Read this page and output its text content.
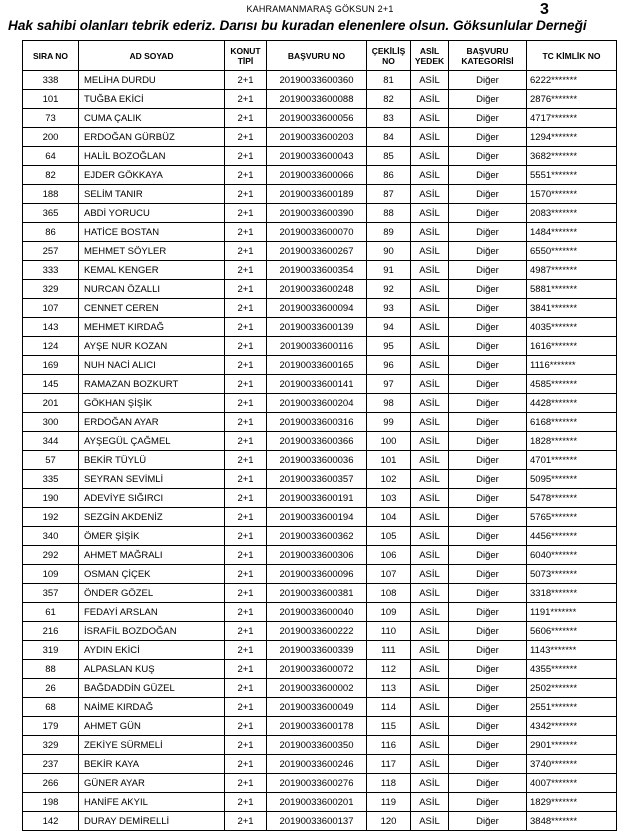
KAHRAMANMARAŞ GÖKSUN 2+1	3
Hak sahibi olanları tebrik ederiz. Darısı bu kuradan elenenlere olsun. Göksunlular Derneği
SIRA NO	AD SOYAD	KONUT TİPİ	BAŞVURU NO	ÇEKİLİŞ NO	ASİL YEDEK	BAŞVURU KATEGORİSİ	TC KİMLİK NO
338	MELİHA DURDU	2+1	20190033600360	81	ASİL	Diğer	6222*******
101	TUĞBA EKİCİ	2+1	20190033600088	82	ASİL	Diğer	2876*******
73	CUMA ÇALIK	2+1	20190033600056	83	ASİL	Diğer	4717*******
200	ERDOĞAN GÜRBÜZ	2+1	20190033600203	84	ASİL	Diğer	1294*******
64	HALİL BOZOĞLAN	2+1	20190033600043	85	ASİL	Diğer	3682*******
82	EJDER GÖKKAYA	2+1	20190033600066	86	ASİL	Diğer	5551*******
188	SELİM TANIR	2+1	20190033600189	87	ASİL	Diğer	1570*******
365	ABDİ YORUCU	2+1	20190033600390	88	ASİL	Diğer	2083*******
86	HATİCE BOSTAN	2+1	20190033600070	89	ASİL	Diğer	1484*******
257	MEHMET SÖYLER	2+1	20190033600267	90	ASİL	Diğer	6550*******
333	KEMAL KENGER	2+1	20190033600354	91	ASİL	Diğer	4987*******
329	NURCAN ÖZALLI	2+1	20190033600248	92	ASİL	Diğer	5881*******
107	CENNET CEREN	2+1	20190033600094	93	ASİL	Diğer	3841*******
143	MEHMET KIRDAĞ	2+1	20190033600139	94	ASİL	Diğer	4035*******
124	AYŞE NUR KOZAN	2+1	20190033600116	95	ASİL	Diğer	1616*******
169	NUH NACİ ALICI	2+1	20190033600165	96	ASİL	Diğer	1116*******
145	RAMAZAN BOZKURT	2+1	20190033600141	97	ASİL	Diğer	4585*******
201	GÖKHAN ŞİŞİK	2+1	20190033600204	98	ASİL	Diğer	4428*******
300	ERDOĞAN AYAR	2+1	20190033600316	99	ASİL	Diğer	6168*******
344	AYŞEGÜL ÇAĞMEL	2+1	20190033600366	100	ASİL	Diğer	1828*******
57	BEKİR TÜYLÜ	2+1	20190033600036	101	ASİL	Diğer	4701*******
335	SEYRAN SEVİMLİ	2+1	20190033600357	102	ASİL	Diğer	5095*******
190	ADEVİYE SIĞIRCI	2+1	20190033600191	103	ASİL	Diğer	5478*******
192	SEZGİN AKDENİZ	2+1	20190033600194	104	ASİL	Diğer	5765*******
340	ÖMER ŞİŞİK	2+1	20190033600362	105	ASİL	Diğer	4456*******
292	AHMET MAĞRALI	2+1	20190033600306	106	ASİL	Diğer	6040*******
109	OSMAN ÇİÇEK	2+1	20190033600096	107	ASİL	Diğer	5073*******
357	ÖNDER GÖZEL	2+1	20190033600381	108	ASİL	Diğer	3318*******
61	FEDAYİ ARSLAN	2+1	20190033600040	109	ASİL	Diğer	1191*******
216	İSRAFİL BOZDOĞAN	2+1	20190033600222	110	ASİL	Diğer	5606*******
319	AYDIN EKİCİ	2+1	20190033600339	111	ASİL	Diğer	1143*******
88	ALPASLAN KUŞ	2+1	20190033600072	112	ASİL	Diğer	4355*******
26	BAĞDADDİN GÜZEL	2+1	20190033600002	113	ASİL	Diğer	2502*******
68	NAİME KIRDAĞ	2+1	20190033600049	114	ASİL	Diğer	2551*******
179	AHMET GÜN	2+1	20190033600178	115	ASİL	Diğer	4342*******
329	ZEKİYE SÜRMELİ	2+1	20190033600350	116	ASİL	Diğer	2901*******
237	BEKİR KAYA	2+1	20190033600246	117	ASİL	Diğer	3740*******
266	GÜNER AYAR	2+1	20190033600276	118	ASİL	Diğer	4007*******
198	HANİFE AKYIL	2+1	20190033600201	119	ASİL	Diğer	1829*******
142	DURAY DEMİRELLİ	2+1	20190033600137	120	ASİL	Diğer	3848*******
